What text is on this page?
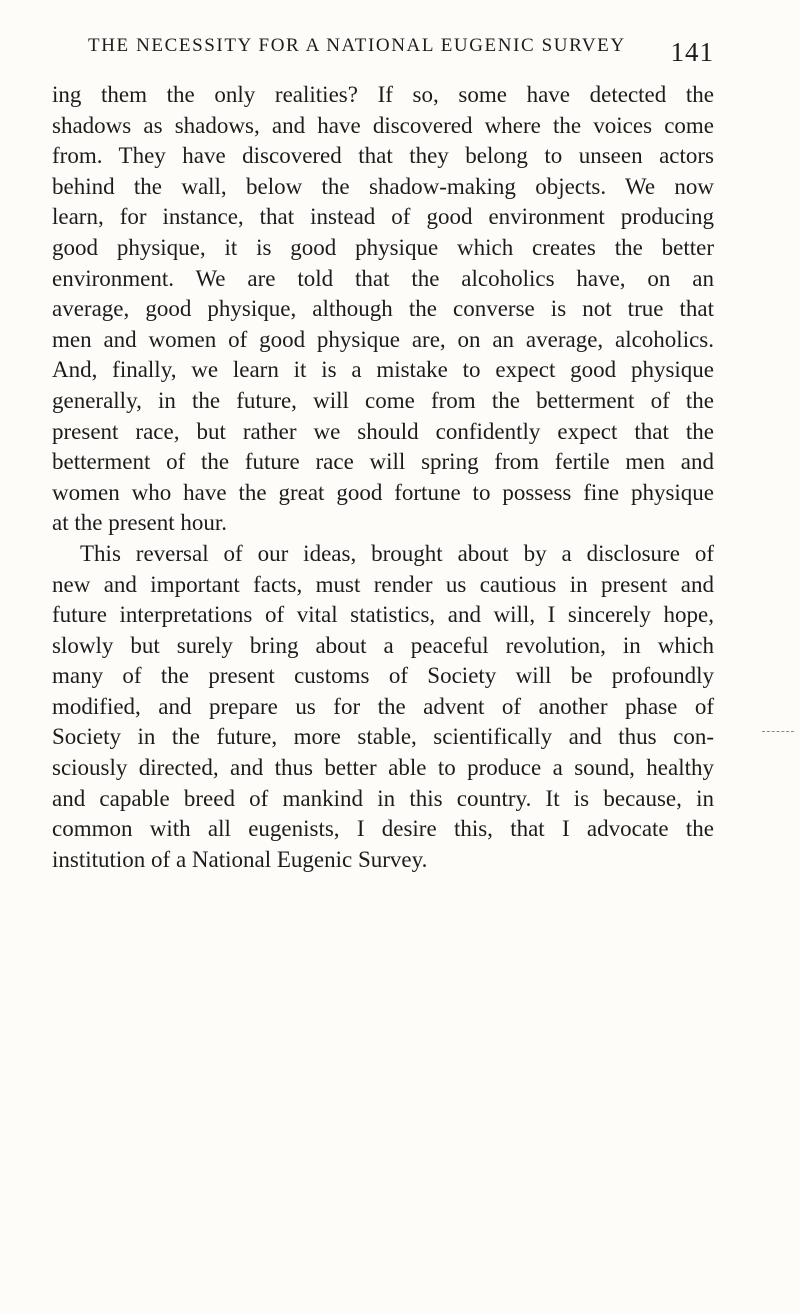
THE NECESSITY FOR A NATIONAL EUGENIC SURVEY 141
ing them the only realities? If so, some have detected the
shadows as shadows, and have discovered where the voices come
from. They have discovered that they belong to unseen actors
behind the wall, below the shadow-making objects. We now
learn, for instance, that instead of good environment producing
good physique, it is good physique which creates the better
environment. We are told that the alcoholics have, on an
average, good physique, although the converse is not true that
men and women of good physique are, on an average, alcoholics.
And, finally, we learn it is a mistake to expect good physique
generally, in the future, will come from the betterment of the
present race, but rather we should confidently expect that the
betterment of the future race will spring from fertile men and
women who have the great good fortune to possess fine physique
at the present hour.
This reversal of our ideas, brought about by a disclosure of
new and important facts, must render us cautious in present and
future interpretations of vital statistics, and will, I sincerely hope,
slowly but surely bring about a peaceful revolution, in which
many of the present customs of Society will be profoundly
modified, and prepare us for the advent of another phase of
Society in the future, more stable, scientifically and thus con-
sciously directed, and thus better able to produce a sound, healthy
and capable breed of mankind in this country. It is because, in
common with all eugenists, I desire this, that I advocate the
institution of a National Eugenic Survey.
